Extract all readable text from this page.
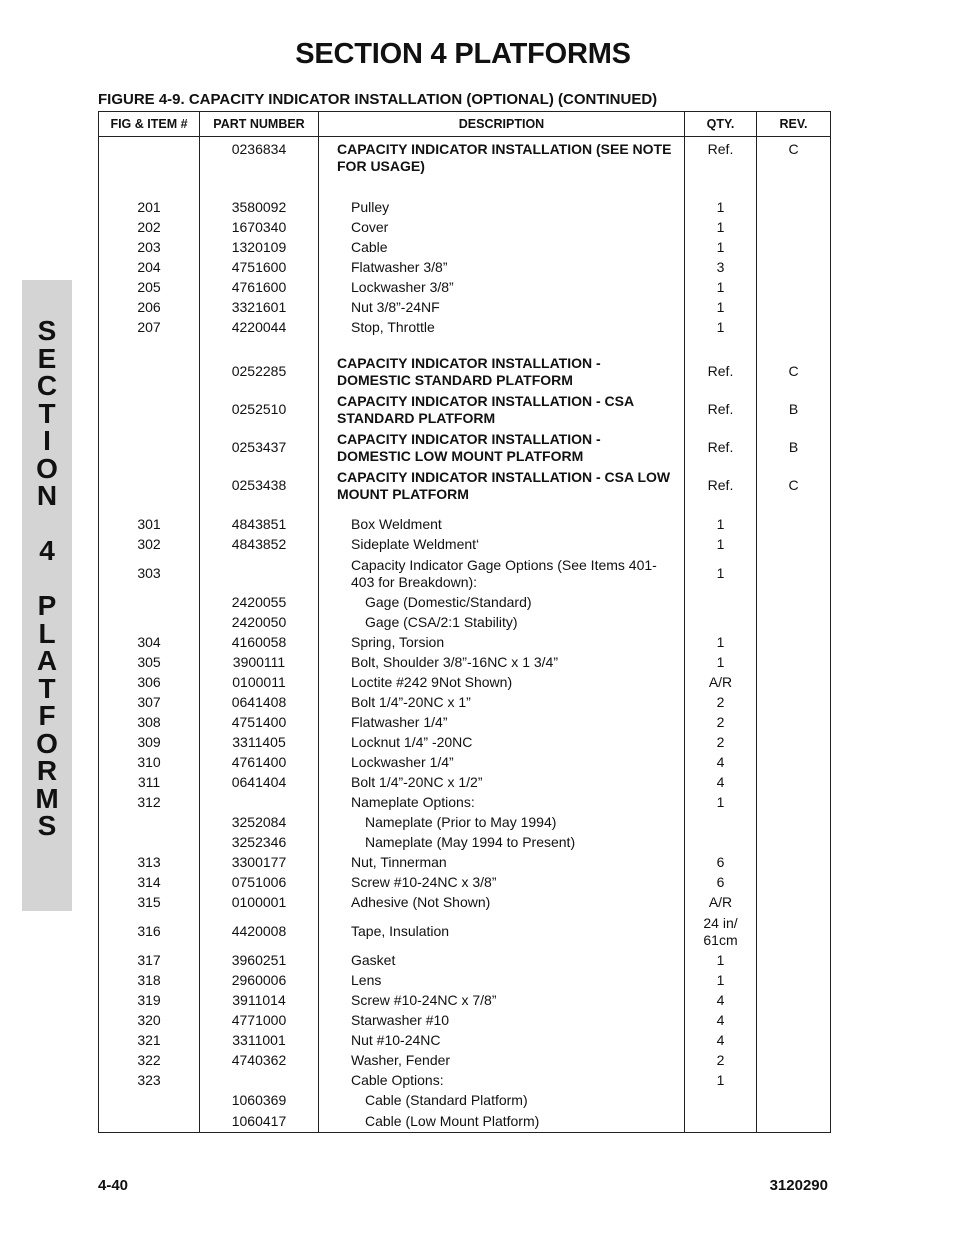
SECTION 4 PLATFORMS
FIGURE 4-9. CAPACITY INDICATOR INSTALLATION (OPTIONAL) (CONTINUED)
S
E
C
T
I
O
N
4
P
L
A
T
F
O
R
M
S
FIG & ITEM #	PART NUMBER	DESCRIPTION	QTY.	REV.
	0236834	CAPACITY INDICATOR INSTALLATION (SEE NOTE FOR USAGE)	Ref.	C

201	3580092	Pulley	1	
202	1670340	Cover	1	
203	1320109	Cable	1	
204	4751600	Flatwasher 3/8”	3	
205	4761600	Lockwasher 3/8”	1	
206	3321601	Nut 3/8”-24NF	1	
207	4220044	Stop, Throttle	1	

	0252285	CAPACITY INDICATOR INSTALLATION - DOMESTIC STANDARD PLATFORM	Ref.	C
	0252510	CAPACITY INDICATOR INSTALLATION - CSA STANDARD PLATFORM	Ref.	B
	0253437	CAPACITY INDICATOR INSTALLATION - DOMESTIC LOW MOUNT PLATFORM	Ref.	B
	0253438	CAPACITY INDICATOR INSTALLATION - CSA LOW MOUNT PLATFORM	Ref.	C

301	4843851	Box Weldment	1	
302	4843852	Sideplate Weldment‘	1	
303		Capacity Indicator Gage Options (See Items 401-403 for Breakdown):	1	
	2420055	Gage (Domestic/Standard)		
	2420050	Gage (CSA/2:1 Stability)		
304	4160058	Spring, Torsion	1	
305	3900111	Bolt, Shoulder 3/8”-16NC x 1 3/4”	1	
306	0100011	Loctite #242 9Not Shown)	A/R	
307	0641408	Bolt 1/4”-20NC x 1”	2	
308	4751400	Flatwasher 1/4”	2	
309	3311405	Locknut 1/4” -20NC	2	
310	4761400	Lockwasher 1/4”	4	
311	0641404	Bolt 1/4”-20NC x 1/2”	4	
312		Nameplate Options:	1	
	3252084	Nameplate (Prior to May 1994)		
	3252346	Nameplate (May 1994 to Present)		
313	3300177	Nut, Tinnerman	6	
314	0751006	Screw #10-24NC x 3/8”	6	
315	0100001	Adhesive (Not Shown)	A/R	
316	4420008	Tape, Insulation	24 in/ 61cm	
317	3960251	Gasket	1	
318	2960006	Lens	1	
319	3911014	Screw #10-24NC x 7/8”	4	
320	4771000	Starwasher #10	4	
321	3311001	Nut #10-24NC	4	
322	4740362	Washer, Fender	2	
323		Cable Options:	1	
	1060369	Cable (Standard Platform)		
	1060417	Cable (Low Mount Platform)		
4-40	3120290
